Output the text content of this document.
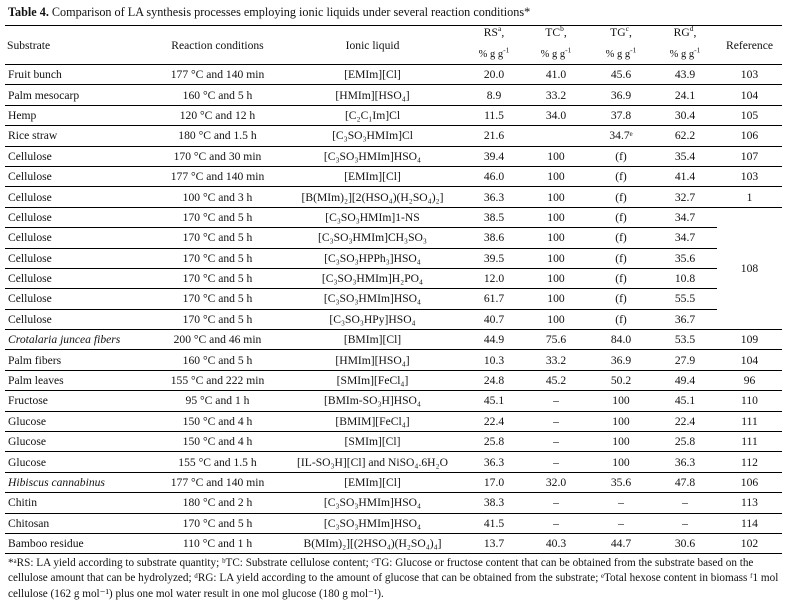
Table 4. Comparison of LA synthesis processes employing ionic liquids under several reaction conditions*
Substrate	Reaction conditions	Ionic liquid	$RS^a$,	$TC^b$,	$TG^c$,	$RG^d$,	Reference
			% g $g^{-1}$	% g $g^{-1}$	% g $g^{-1}$	% g $g^{-1}$
Fruit bunch	177 °C and 140 min	[EMIm][Cl]	20.0	41.0	45.6	43.9	103
Palm mesocarp	160 °C and 5 h	[HMIm][HSO₄]	8.9	33.2	36.9	24.1	104
Hemp	120 °C and 12 h	[C₂C₁Im]Cl	11.5	34.0	37.8	30.4	105
Rice straw	180 °C and 1.5 h	[C₃SO₃HMIm]Cl	21.6		34.7ᵉ	62.2	106
Cellulose	170 °C and 30 min	[C₃SO₃HMIm]HSO₄	39.4	100	(f)	35.4	107
Cellulose	177 °C and 140 min	[EMIm][Cl]	46.0	100	(f)	41.4	103
Cellulose	100 °C and 3 h	[B(MIm)₂][2(HSO₄)(H₂SO₄)₂]	36.3	100	(f)	32.7	1
Cellulose	170 °C and 5 h	[C₃SO₃HMIm]1-NS	38.5	100	(f)	34.7	108
Cellulose	170 °C and 5 h	[C₃SO₃HMIm]CH₃SO₃	38.6	100	(f)	34.7	
Cellulose	170 °C and 5 h	[C₃SO₃HPPh₃]HSO₄	39.5	100	(f)	35.6	
Cellulose	170 °C and 5 h	[C₃SO₃HMIm]H₂PO₄	12.0	100	(f)	10.8	
Cellulose	170 °C and 5 h	[C₃SO₃HMIm]HSO₄	61.7	100	(f)	55.5	
Cellulose	170 °C and 5 h	[C₃SO₃HPy]HSO₄	40.7	100	(f)	36.7	
Crotalaria juncea fibers	200 °C and 46 min	[BMIm][Cl]	44.9	75.6	84.0	53.5	109
Palm fibers	160 °C and 5 h	[HMIm][HSO₄]	10.3	33.2	36.9	27.9	104
Palm leaves	155 °C and 222 min	[SMIm][FeCl₄]	24.8	45.2	50.2	49.4	96
Fructose	95 °C and 1 h	[BMIm-SO₃H]HSO₄	45.1	–	100	45.1	110
Glucose	150 °C and 4 h	[BMIM][FeCl₄]	22.4	–	100	22.4	111
Glucose	150 °C and 4 h	[SMIm][Cl]	25.8	–	100	25.8	111
Glucose	155 °C and 1.5 h	[IL-SO₃H][Cl] and NiSO₄.6H₂O	36.3	–	100	36.3	112
Hibiscus cannabinus	177 °C and 140 min	[EMIm][Cl]	17.0	32.0	35.6	47.8	106
Chitin	180 °C and 2 h	[C₃SO₃HMIm]HSO₄	38.3	–	–	–	113
Chitosan	170 °C and 5 h	[C₃SO₃HMIm]HSO₄	41.5	–	–	–	114
Bamboo residue	110 °C and 1 h	B(MIm)₂][(2HSO₄)(H₂SO₄)₄]	13.7	40.3	44.7	30.6	102
*ᵃRS: LA yield according to substrate quantity; ᵇTC: Substrate cellulose content; ᶜTG: Glucose or fructose content that can be obtained from the substrate based on the cellulose amount that can be hydrolyzed; ᵈRG: LA yield according to the amount of glucose that can be obtained from the substrate; ᵉTotal hexose content in biomass ᶠ1 mol cellulose (162 g mol⁻¹) plus one mol water result in one mol glucose (180 g mol⁻¹).
